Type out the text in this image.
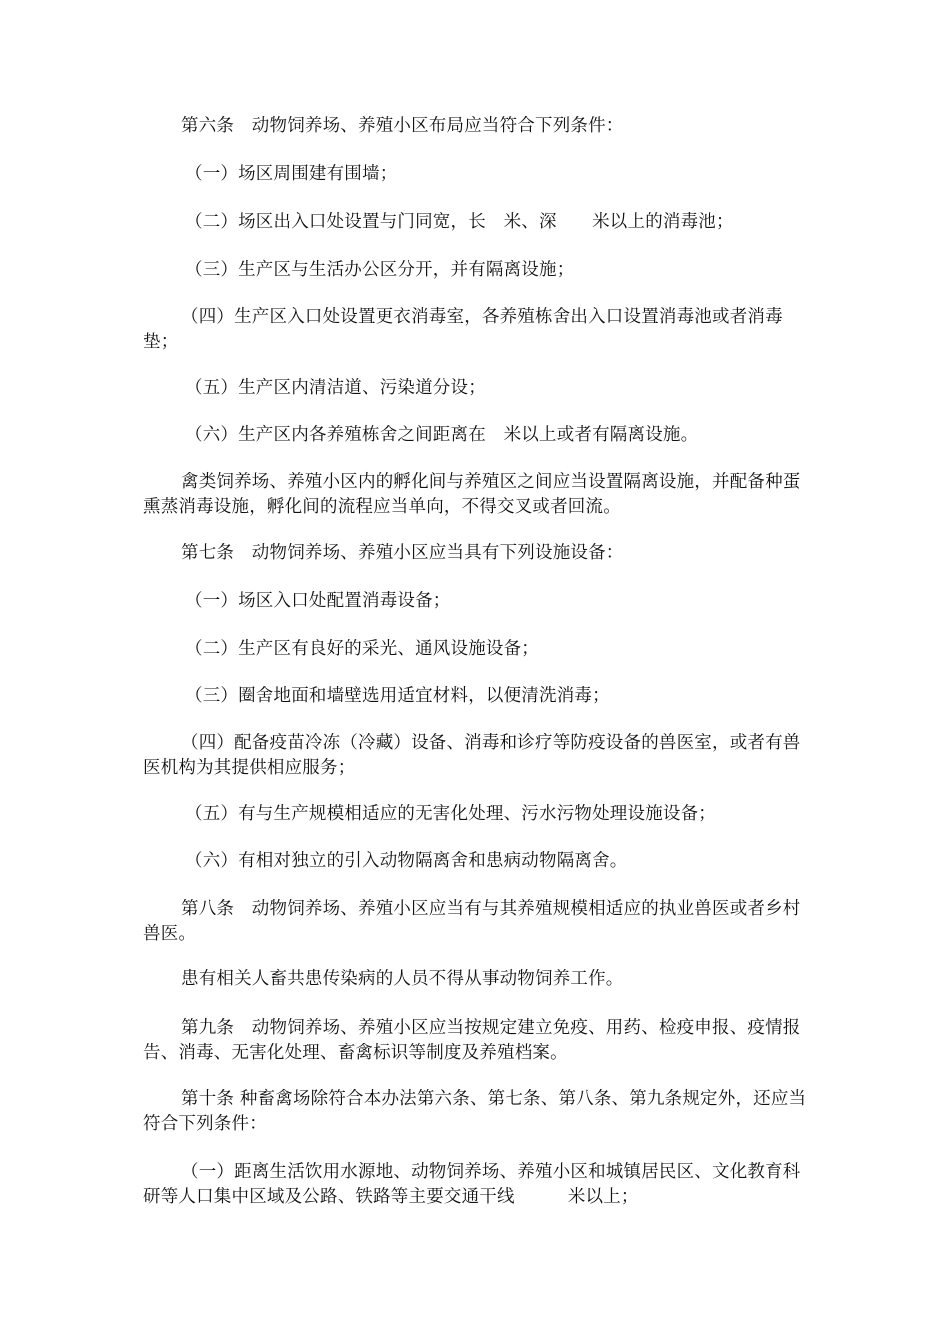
第六条　动物饲养场、养殖小区布局应当符合下列条件：

（一）场区周围建有围墙；

（二）场区出入口处设置与门同宽，长　米、深　　米以上的消毒池；

（三）生产区与生活办公区分开，并有隔离设施；

（四）生产区入口处设置更衣消毒室，各养殖栋舍出入口设置消毒池或者消毒垫；

（五）生产区内清洁道、污染道分设；

（六）生产区内各养殖栋舍之间距离在　米以上或者有隔离设施。

禽类饲养场、养殖小区内的孵化间与养殖区之间应当设置隔离设施，并配备种蛋熏蒸消毒设施，孵化间的流程应当单向，不得交叉或者回流。

第七条　动物饲养场、养殖小区应当具有下列设施设备：

（一）场区入口处配置消毒设备；

（二）生产区有良好的采光、通风设施设备；

（三）圈舍地面和墙壁选用适宜材料，以便清洗消毒；

（四）配备疫苗冷冻（冷藏）设备、消毒和诊疗等防疫设备的兽医室，或者有兽医机构为其提供相应服务；

（五）有与生产规模相适应的无害化处理、污水污物处理设施设备；

（六）有相对独立的引入动物隔离舍和患病动物隔离舍。

第八条　动物饲养场、养殖小区应当有与其养殖规模相适应的执业兽医或者乡村兽医。

患有相关人畜共患传染病的人员不得从事动物饲养工作。

第九条　动物饲养场、养殖小区应当按规定建立免疫、用药、检疫申报、疫情报告、消毒、无害化处理、畜禽标识等制度及养殖档案。

第十条 种畜禽场除符合本办法第六条、第七条、第八条、第九条规定外，还应当符合下列条件：

（一）距离生活饮用水源地、动物饲养场、养殖小区和城镇居民区、文化教育科研等人口集中区域及公路、铁路等主要交通干线　　　米以上；
